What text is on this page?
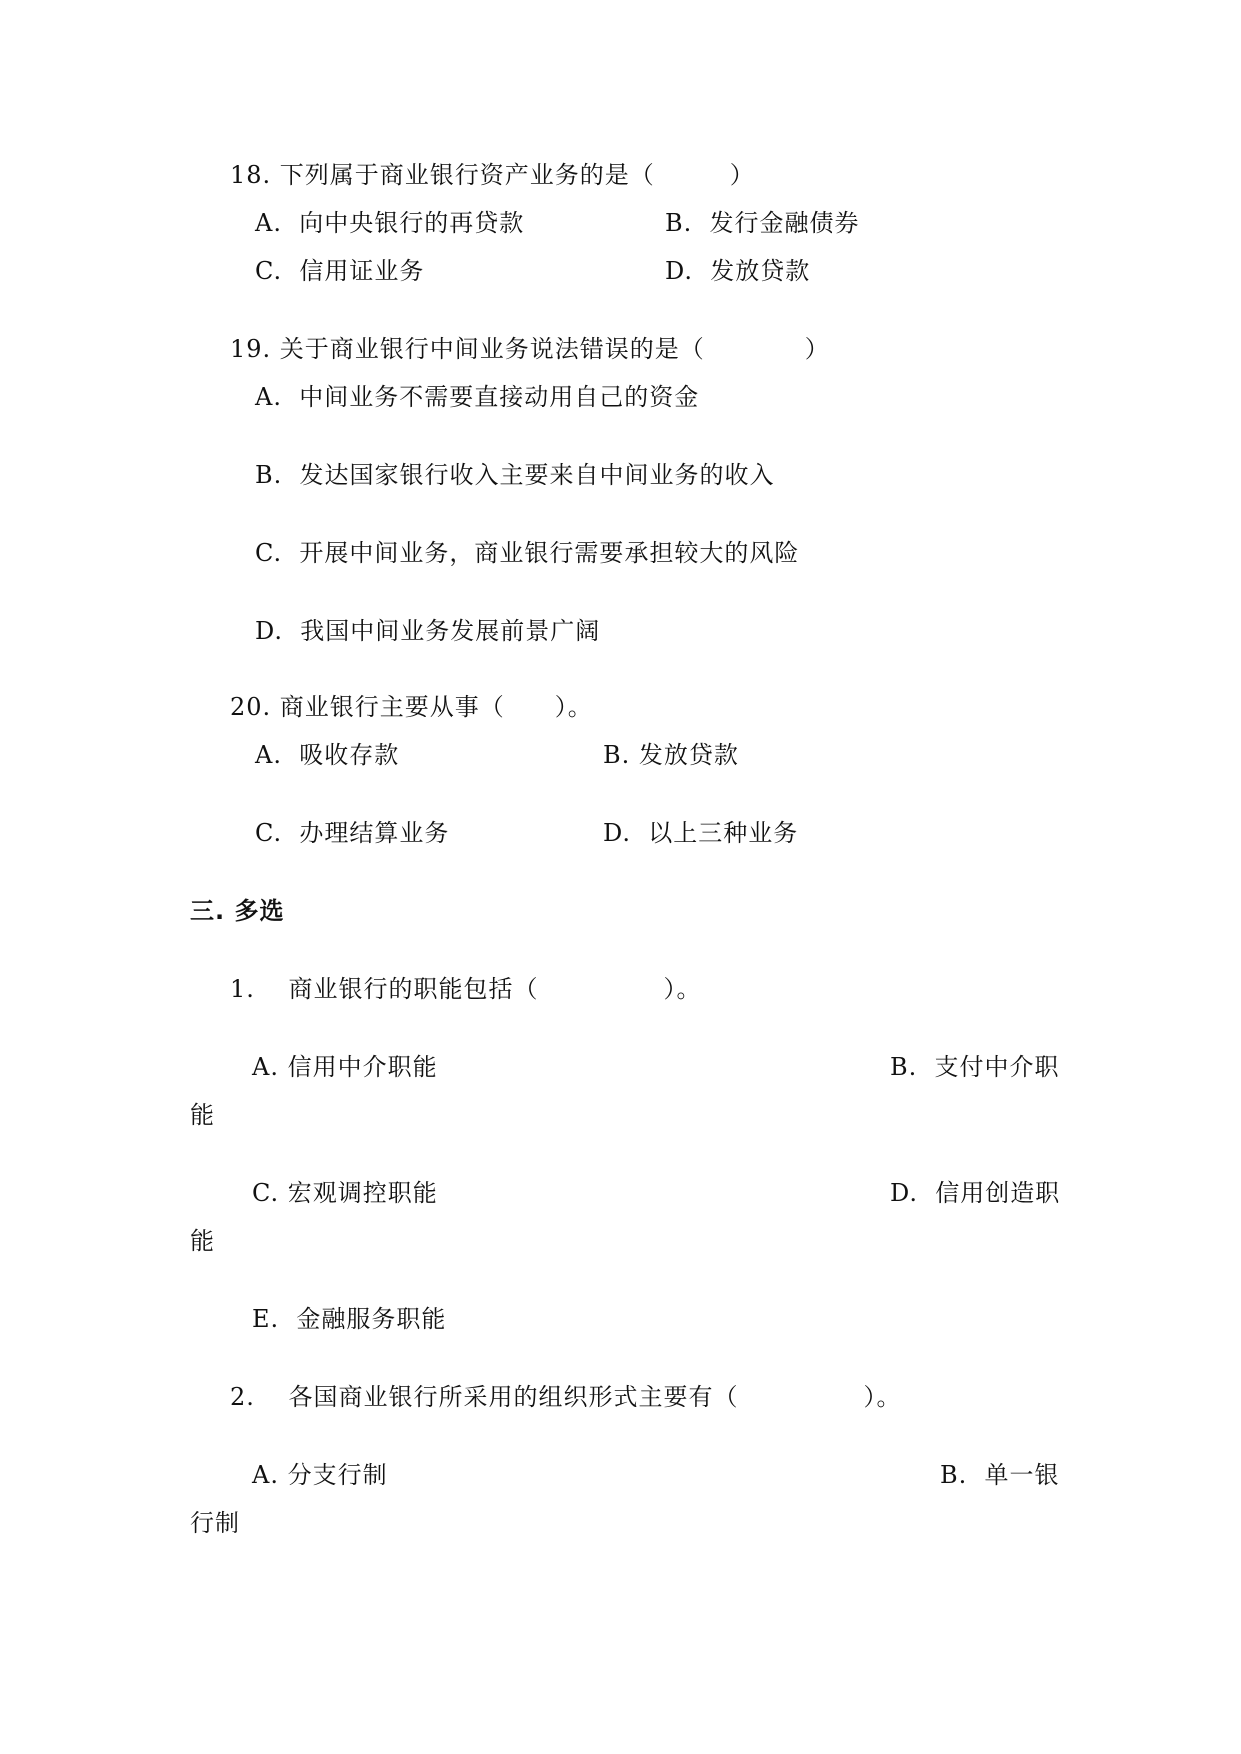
18. 下列属于商业银行资产业务的是（　　　）
A.  向中央银行的再贷款	B.  发行金融债券
C.  信用证业务	D.  发放贷款
19. 关于商业银行中间业务说法错误的是（　　　　）
A.  中间业务不需要直接动用自己的资金
B.  发达国家银行收入主要来自中间业务的收入
C.  开展中间业务，商业银行需要承担较大的风险
D.  我国中间业务发展前景广阔
20. 商业银行主要从事（　　）。
A.  吸收存款	B. 发放贷款
C.  办理结算业务	D.  以上三种业务
三. 多选
1.　 商业银行的职能包括（　　　　　）。
A. 信用中介职能	B.  支付中介职
能
C. 宏观调控职能	D.  信用创造职
能
E.  金融服务职能
2.　 各国商业银行所采用的组织形式主要有（　　　　　）。
A. 分支行制	B.  单一银
行制
